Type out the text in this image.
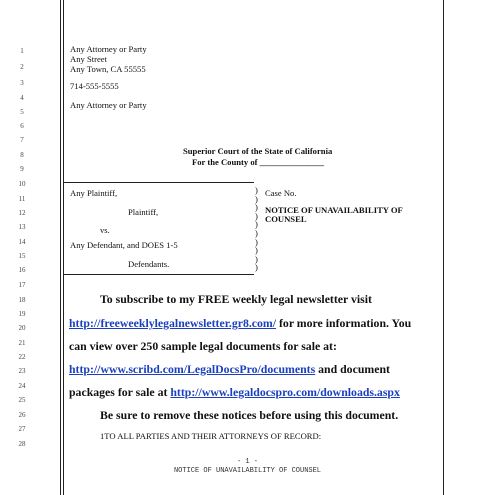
1
2
3
4
5
6
7
8
9
10
11
12
13
14
15
16
17
18
19
20
21
22
23
24
25
26
27
28
Any Attorney or Party
Any Street
Any Town, CA 55555
714-555-5555
Any Attorney or Party
Superior Court of the State of California
For the County of _______________
Any Plaintiff,
Plaintiff,
vs.
Any Defendant, and DOES 1-5
Defendants.
)
)
)
)
)
)
)
)
)
)
Case No.
NOTICE OF UNAVAILABILITY OF
COUNSEL
To subscribe to my FREE weekly legal newsletter visit
http://freeweeklylegalnewsletter.gr8.com/ for more information. You
can view over 250 sample legal documents for sale at:
http://www.scribd.com/LegalDocsPro/documents and document
packages for sale at http://www.legaldocspro.com/downloads.aspx
Be sure to remove these notices before using this document.
1TO ALL PARTIES AND THEIR ATTORNEYS OF RECORD:
- 1 -
NOTICE OF UNAVAILABILITY OF COUNSEL
